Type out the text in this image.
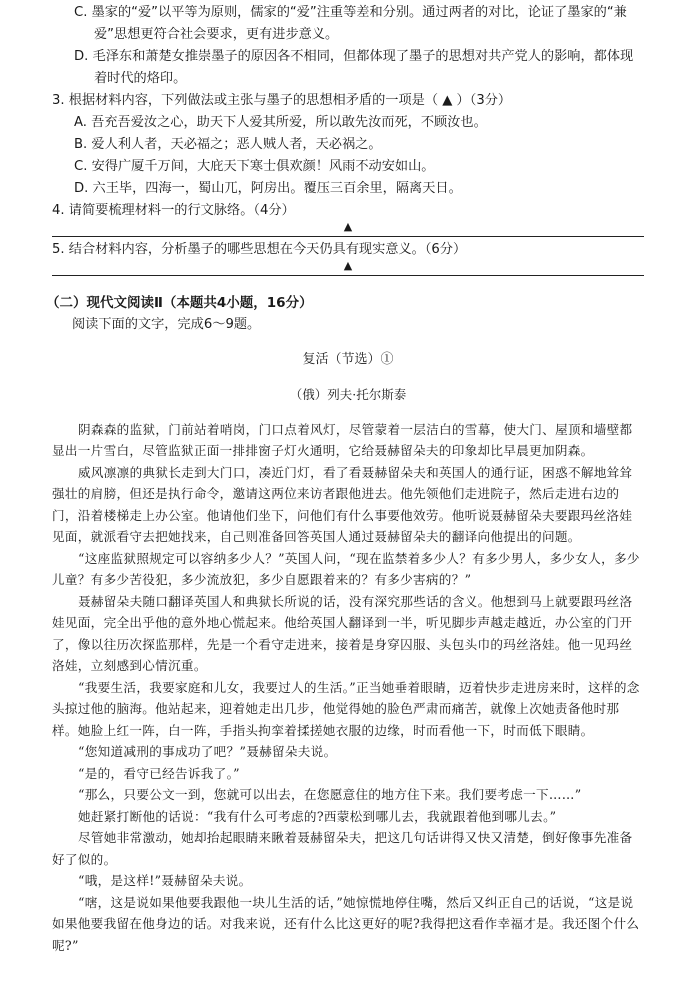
C. 墨家的“爱”以平等为原则，儒家的“爱”注重等差和分别。通过两者的对比，论证了墨家的“兼爱”思想更符合社会要求，更有进步意义。

D. 毛泽东和萧楚女推崇墨子的原因各不相同，但都体现了墨子的思想对共产党人的影响，都体现着时代的烙印。

3. 根据材料内容，下列做法或主张与墨子的思想相矛盾的一项是（ ▲ ）（3分）

A. 吾充吾爱汝之心，助天下人爱其所爱，所以敢先汝而死，不顾汝也。

B. 爱人利人者，天必福之；恶人贼人者，天必祸之。

C. 安得广厦千万间，大庇天下寒士俱欢颜！风雨不动安如山。

D. 六王毕，四海一，蜀山兀，阿房出。覆压三百余里，隔离天日。

4. 请简要梳理材料一的行文脉络。（4分）

▲

5. 结合材料内容，分析墨子的哪些思想在今天仍具有现实意义。（6分）

▲

（二）现代文阅读Ⅱ（本题共4小题，16分）

阅读下面的文字，完成6～9题。

复活（节选）①

（俄）列夫·托尔斯泰

阴森森的监狱，门前站着哨岗，门口点着风灯，尽管蒙着一层洁白的雪幕，使大门、屋顶和墙壁都显出一片雪白，尽管监狱正面一排排窗子灯火通明，它给聂赫留朵夫的印象却比早晨更加阴森。

威风凛凛的典狱长走到大门口，凑近门灯，看了看聂赫留朵夫和英国人的通行证，困惑不解地耸耸强壮的肩膀，但还是执行命令，邀请这两位来访者跟他进去。他先领他们走进院子，然后走进右边的门，沿着楼梯走上办公室。他请他们坐下，问他们有什么事要他效劳。他听说聂赫留朵夫要跟玛丝洛娃见面，就派看守去把她找来，自己则准备回答英国人通过聂赫留朵夫的翻译向他提出的问题。

“这座监狱照规定可以容纳多少人？”英国人问，“现在监禁着多少人？有多少男人，多少女人，多少儿童？有多少苦役犯，多少流放犯，多少自愿跟着来的？有多少害病的？”

聂赫留朵夫随口翻译英国人和典狱长所说的话，没有深究那些话的含义。他想到马上就要跟玛丝洛娃见面，完全出乎他的意外地心慌起来。他给英国人翻译到一半，听见脚步声越走越近，办公室的门开了，像以往历次探监那样，先是一个看守走进来，接着是身穿囚服、头包头巾的玛丝洛娃。他一见玛丝洛娃，立刻感到心情沉重。

“我要生活，我要家庭和儿女，我要过人的生活。”正当她垂着眼睛，迈着快步走进房来时，这样的念头掠过他的脑海。他站起来，迎着她走出几步，他觉得她的脸色严肃而痛苦，就像上次她责备他时那样。她脸上红一阵，白一阵，手指头拘挛着揉搓她衣服的边缘，时而看他一下，时而低下眼睛。

“您知道减刑的事成功了吧？”聂赫留朵夫说。

“是的，看守已经告诉我了。”

“那么，只要公文一到，您就可以出去，在您愿意住的地方住下来。我们要考虑一下……”

她赶紧打断他的话说：“我有什么可考虑的?西蒙松到哪儿去，我就跟着他到哪儿去。”

尽管她非常激动，她却抬起眼睛来瞅着聂赫留朵夫，把这几句话讲得又快又清楚，倒好像事先准备好了似的。

“哦，是这样!”聂赫留朵夫说。

“嗐，这是说如果他要我跟他一块儿生活的话，”她惊慌地停住嘴，然后又纠正自己的话说，“这是说如果他要我留在他身边的话。对我来说，还有什么比这更好的呢?我得把这看作幸福才是。我还图个什么呢?”
